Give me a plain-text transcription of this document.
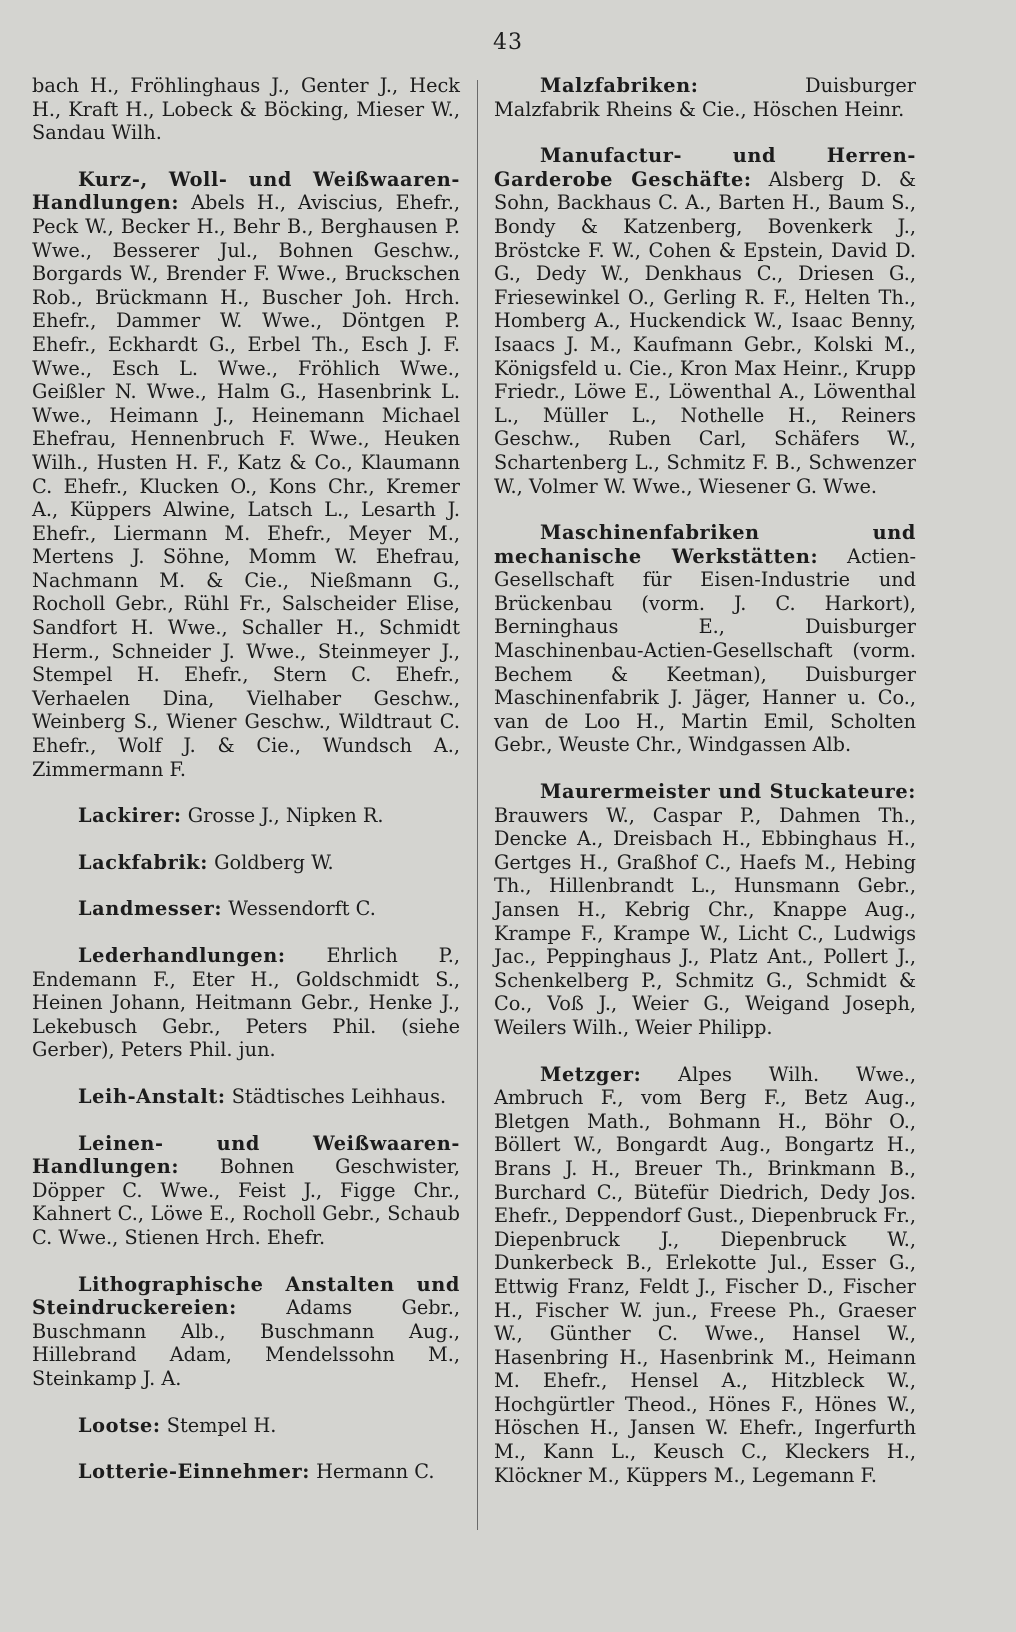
43

bach H., Fröhlinghaus J., Genter J., Heck H., Kraft H., Lobeck & Böcking, Mieser W., Sandau Wilh.

Kurz-, Woll- und Weißwaaren-Handlungen: Abels H., Aviscius, Ehefr., Peck W., Becker H., Behr B., Berghausen P. Wwe., Besserer Jul., Bohnen Geschw., Borgards W., Brender F. Wwe., Bruckschen Rob., Brückmann H., Buscher Joh. Hrch. Ehefr., Dammer W. Wwe., Döntgen P. Ehefr., Eckhardt G., Erbel Th., Esch J. F. Wwe., Esch L. Wwe., Fröhlich Wwe., Geißler N. Wwe., Halm G., Hasenbrink L. Wwe., Heimann J., Heinemann Michael Ehefrau, Hennenbruch F. Wwe., Heuken Wilh., Husten H. F., Katz & Co., Klaumann C. Ehefr., Klucken O., Kons Chr., Kremer A., Küppers Alwine, Latsch L., Lesarth J. Ehefr., Liermann M. Ehefr., Meyer M., Mertens J. Söhne, Momm W. Ehefrau, Nachmann M. & Cie., Nießmann G., Rocholl Gebr., Rühl Fr., Salscheider Elise, Sandfort H. Wwe., Schaller H., Schmidt Herm., Schneider J. Wwe., Steinmeyer J., Stempel H. Ehefr., Stern C. Ehefr., Verhaelen Dina, Vielhaber Geschw., Weinberg S., Wiener Geschw., Wildtraut C. Ehefr., Wolf J. & Cie., Wundsch A., Zimmermann F.

Lackirer: Grosse J., Nipken R.

Lackfabrik: Goldberg W.

Landmesser: Wessendorft C.

Lederhandlungen: Ehrlich P., Endemann F., Eter H., Goldschmidt S., Heinen Johann, Heitmann Gebr., Henke J., Lekebusch Gebr., Peters Phil. (siehe Gerber), Peters Phil. jun.

Leih-Anstalt: Städtisches Leihhaus.

Leinen- und Weißwaaren-Handlungen: Bohnen Geschwister, Döpper C. Wwe., Feist J., Figge Chr., Kahnert C., Löwe E., Rocholl Gebr., Schaub C. Wwe., Stienen Hrch. Ehefr.

Lithographische Anstalten und Steindruckereien:	Adams Gebr., Buschmann Alb., Buschmann Aug., Hillebrand Adam, Mendelssohn M., Steinkamp J. A.

Lootse: Stempel H.

Lotterie-Einnehmer: Hermann C.

Malzfabriken:	Duisburger Malzfabrik Rheins & Cie., Höschen Heinr.

Manufactur- und Herren-Garderobe Geschäfte: Alsberg D. & Sohn, Backhaus C. A., Barten H., Baum S., Bondy & Katzenberg, Bovenkerk J., Bröstcke F. W., Cohen & Epstein, David D. G., Dedy W., Denkhaus C., Driesen G., Friesewinkel O., Gerling R. F., Helten Th., Homberg A., Huckendick W., Isaac Benny, Isaacs J. M., Kaufmann Gebr., Kolski M., Königsfeld u. Cie., Kron Max Heinr., Krupp Friedr., Löwe E., Löwenthal A., Löwenthal L., Müller L., Nothelle H., Reiners Geschw., Ruben Carl, Schäfers W., Schartenberg L., Schmitz F. B., Schwenzer W., Volmer W. Wwe., Wiesener G. Wwe.

Maschinenfabriken und mechanische Werkstätten: Actien-Gesellschaft für Eisen-Industrie und Brückenbau (vorm. J. C. Harkort), Berninghaus E., Duisburger Maschinenbau-Actien-Gesellschaft (vorm. Bechem & Keetman), Duisburger Maschinenfabrik J. Jäger, Hanner u. Co., van de Loo H., Martin Emil, Scholten Gebr., Weuste Chr., Windgassen Alb.

Maurermeister und Stuckateure: Brauwers W., Caspar P., Dahmen Th., Dencke A., Dreisbach H., Ebbinghaus H., Gertges H., Graßhof C., Haefs M., Hebing Th., Hillenbrandt L., Hunsmann Gebr., Jansen H., Kebrig Chr., Knappe Aug., Krampe F., Krampe W., Licht C., Ludwigs Jac., Peppinghaus J., Platz Ant., Pollert J., Schenkelberg P., Schmitz G., Schmidt & Co., Voß J., Weier G., Weigand Joseph, Weilers Wilh., Weier Philipp.

Metzger: Alpes Wilh. Wwe., Ambruch F., vom Berg F., Betz Aug., Bletgen Math., Bohmann H., Böhr O., Böllert W., Bongardt Aug., Bongartz H., Brans J. H., Breuer Th., Brinkmann B., Burchard C., Bütefür Diedrich, Dedy Jos. Ehefr., Deppendorf Gust., Diepenbruck Fr., Diepenbruck J., Diepenbruck W., Dunkerbeck B., Erlekotte Jul., Esser G., Ettwig Franz, Feldt J., Fischer D., Fischer H., Fischer W. jun., Freese Ph., Graeser W., Günther C. Wwe., Hansel W., Hasenbring H., Hasenbrink M., Heimann M. Ehefr., Hensel A., Hitzbleck W., Hochgürtler Theod., Hönes F., Hönes W., Höschen H., Jansen W. Ehefr., Ingerfurth M., Kann L., Keusch C., Kleckers H., Klöckner M., Küppers M., Legemann F.
